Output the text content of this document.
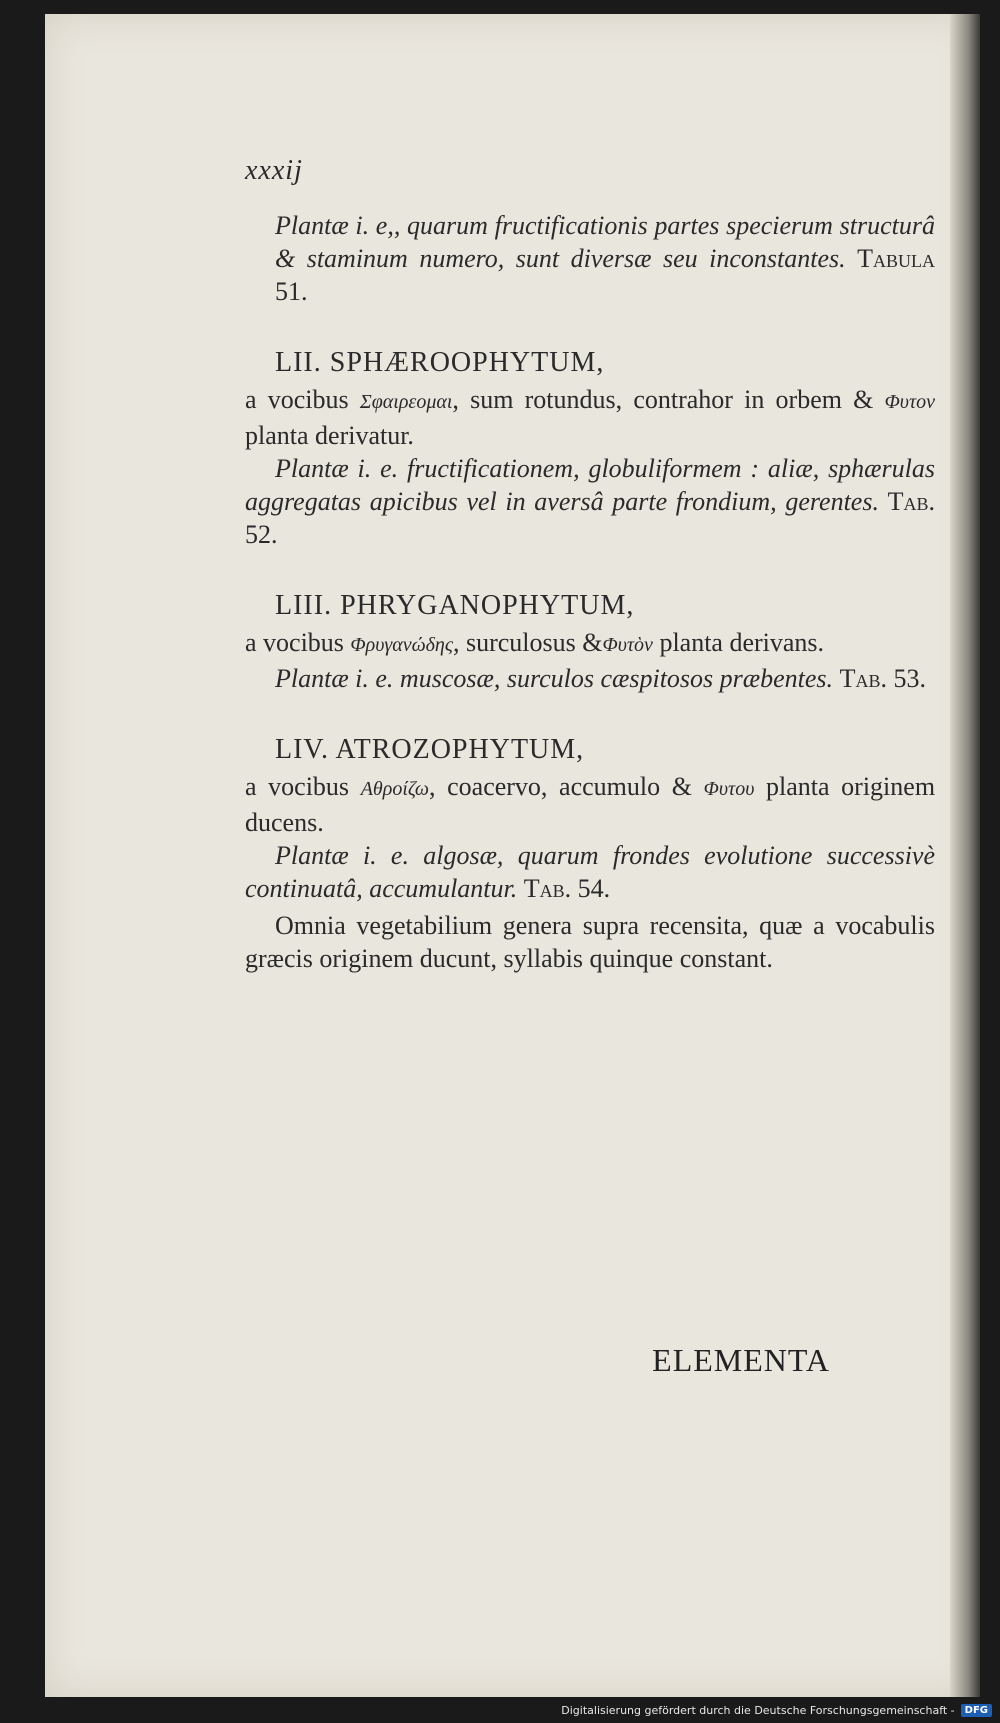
xxxij

Plantæ i. e,, quarum fructificationis partes specierum structurâ & staminum numero, sunt diversæ seu inconstantes. Tabula 51.

LII. SPHÆROOPHYTUM,

a vocibus Σφαιρεομαι, sum rotundus, contrahor in orbem & Φυτον planta derivatur.

Plantæ i. e. fructificationem, globuliformem : aliæ, sphærulas aggregatas apicibus vel in aversâ parte frondium, gerentes. Tab. 52.

LIII. PHRYGANOPHYTUM,

a vocibus Φρυγανώδης, surculosus &Φυτὸν planta derivans.

Plantæ i. e. muscosæ, surculos cæspitosos præbentes. Tab. 53.

LIV. ATROZOPHYTUM,

a vocibus Αθροίζω, coacervo, accumulo & Φυτου planta originem ducens.

Plantæ i. e. algosæ, quarum frondes evolutione successivè continuatâ, accumulantur. Tab. 54.

Omnia vegetabilium genera supra recensita, quæ a vocabulis græcis originem ducunt, syllabis quinque constant.

ELEMENTA
Digitalisierung gefördert durch die Deutsche Forschungsgemeinschaft -	DFG
